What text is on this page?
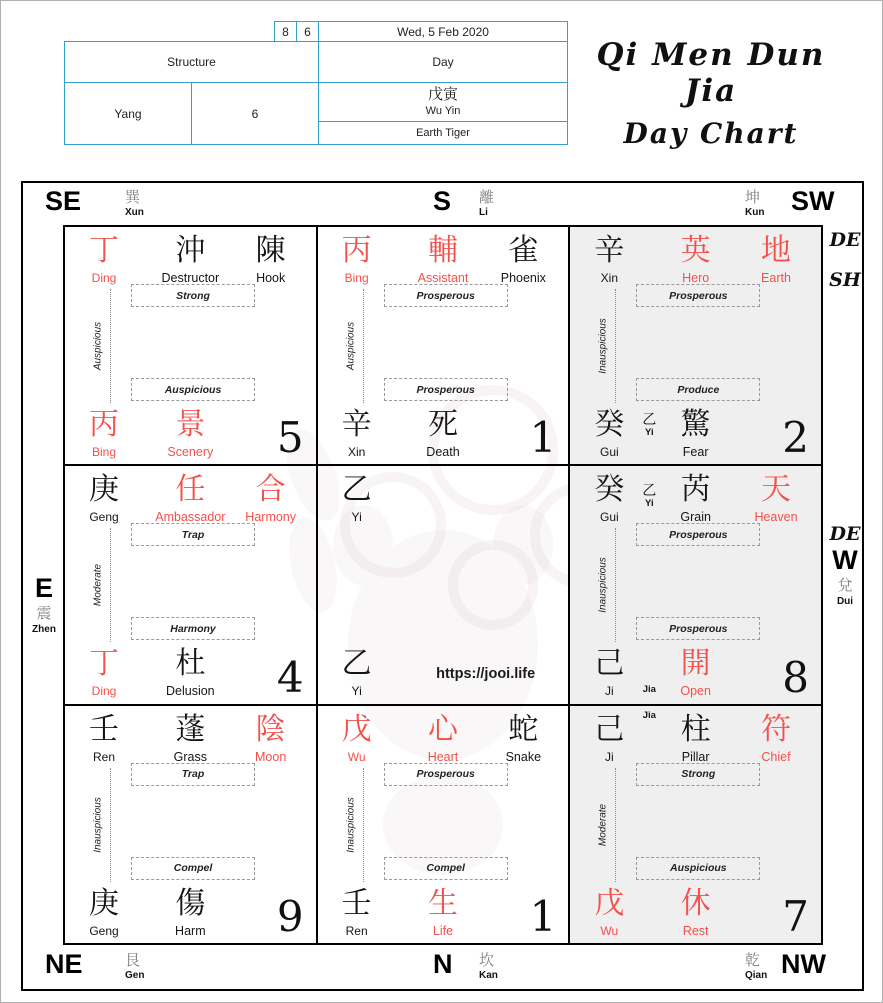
8	6	Wed, 5 Feb 2020
Structure	Day
Yang	6
戊寅
Wu Yin
Earth Tiger
Qi Men Dun Jia
Day Chart
SE	巽
Xun	S 離
Li
坤
Kun SW
E
震
Zhen
DE
SH
DE
W
兌
Dui
NE	艮
Gen	N 坎
Kan
乾
Qian NW
丁
Ding
沖
Destructor
陳
Hook
Strong
Auspicious
Auspicious
丙
Bing
景
Scenery	5
丙
Bing
輔
Assistant
雀
Phoenix
Prosperous
Auspicious
Prosperous
辛
Xin
死
Death	1
辛
Xin
英
Hero
地
Earth
Prosperous
Inauspicious
Produce
癸
Gui
乙
Yi 驚
Fear	2
庚
Geng
任
Ambassador
合
Harmony
Trap
Moderate
Harmony
丁
Ding
杜
Delusion	4
乙
Yi
乙
Yi
https://jooi.life
癸
Gui
乙
Yi 芮
Grain
天
Heaven
Prosperous
Inauspicious
Prosperous
己
Ji	Jia
開
Open	8
壬
Ren
蓬
Grass
陰
Moon
Trap
Inauspicious
Compel
庚
Geng
傷
Harm	9
戊
Wu
心
Heart
蛇
Snake
Prosperous
Inauspicious
Compel
壬
Ren
生
Life	1
己
Ji
Jia 柱
Pillar
符
Chief
Strong
Moderate
Auspicious
戊
Wu
休
Rest	7
